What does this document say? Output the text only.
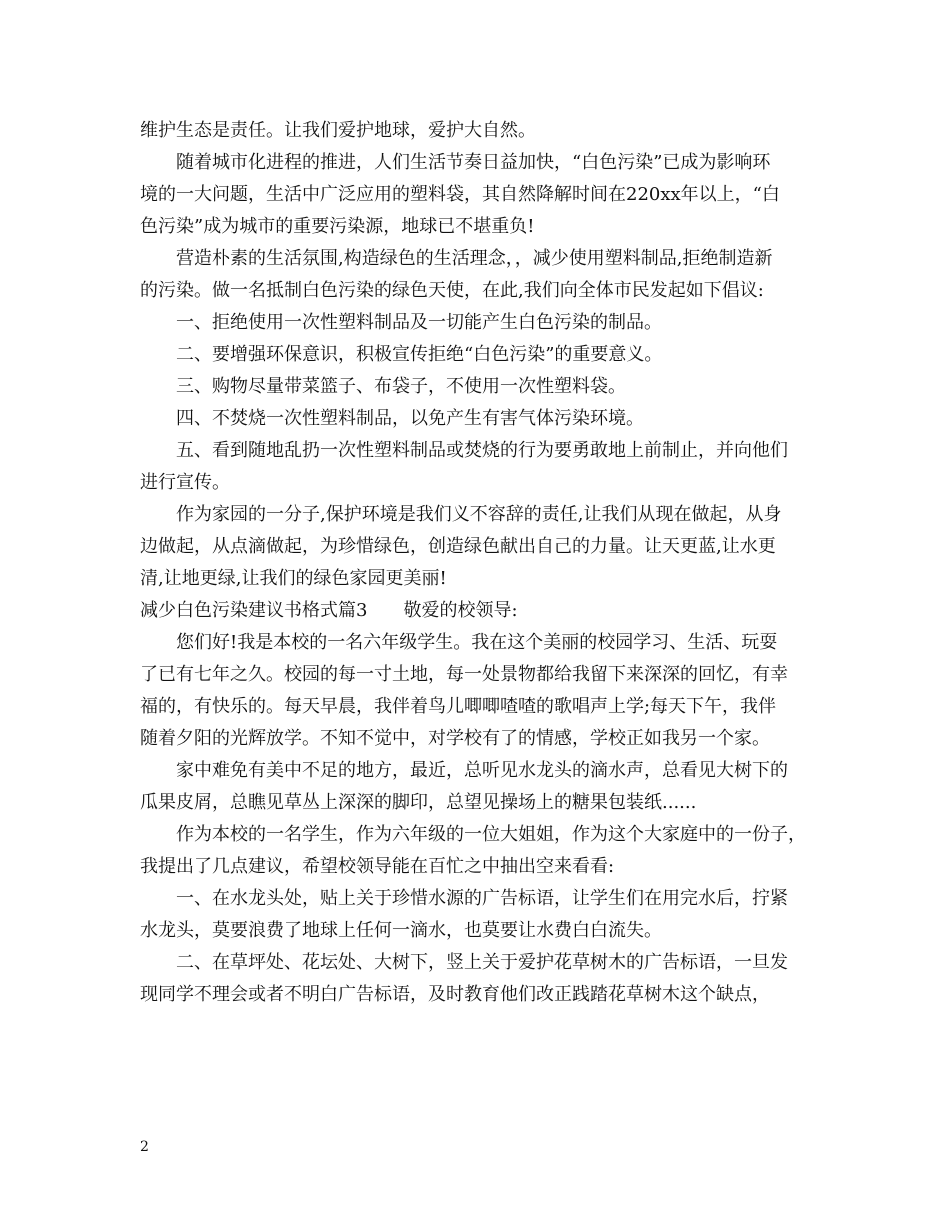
维护生态是责任。让我们爱护地球，爱护大自然。
随着城市化进程的推进，人们生活节奏日益加快，“白色污染”已成为影响环
境的一大问题，生活中广泛应用的塑料袋，其自然降解时间在220xx年以上，“白
色污染”成为城市的重要污染源，地球已不堪重负!
营造朴素的生活氛围,构造绿色的生活理念，，减少使用塑料制品,拒绝制造新
的污染。做一名抵制白色污染的绿色天使，在此,我们向全体市民发起如下倡议:
一、拒绝使用一次性塑料制品及一切能产生白色污染的制品。
二、要增强环保意识，积极宣传拒绝“白色污染”的重要意义。
三、购物尽量带菜篮子、布袋子，不使用一次性塑料袋。
四、不焚烧一次性塑料制品，以免产生有害气体污染环境。
五、看到随地乱扔一次性塑料制品或焚烧的行为要勇敢地上前制止，并向他们
进行宣传。
作为家园的一分子,保护环境是我们义不容辞的责任,让我们从现在做起，从身
边做起，从点滴做起，为珍惜绿色，创造绿色献出自己的力量。让天更蓝,让水更
清,让地更绿,让我们的绿色家园更美丽!
减少白色污染建议书格式篇3　　敬爱的校领导:
您们好!我是本校的一名六年级学生。我在这个美丽的校园学习、生活、玩耍
了已有七年之久。校园的每一寸土地，每一处景物都给我留下来深深的回忆，有幸
福的，有快乐的。每天早晨，我伴着鸟儿唧唧喳喳的歌唱声上学;每天下午，我伴
随着夕阳的光辉放学。不知不觉中，对学校有了的情感，学校正如我另一个家。
家中难免有美中不足的地方，最近，总听见水龙头的滴水声，总看见大树下的
瓜果皮屑，总瞧见草丛上深深的脚印，总望见操场上的糖果包装纸......
作为本校的一名学生，作为六年级的一位大姐姐，作为这个大家庭中的一份子，
我提出了几点建议，希望校领导能在百忙之中抽出空来看看:
一、在水龙头处，贴上关于珍惜水源的广告标语，让学生们在用完水后，拧紧
水龙头，莫要浪费了地球上任何一滴水，也莫要让水费白白流失。
二、在草坪处、花坛处、大树下，竖上关于爱护花草树木的广告标语，一旦发
现同学不理会或者不明白广告标语，及时教育他们改正践踏花草树木这个缺点，
2
